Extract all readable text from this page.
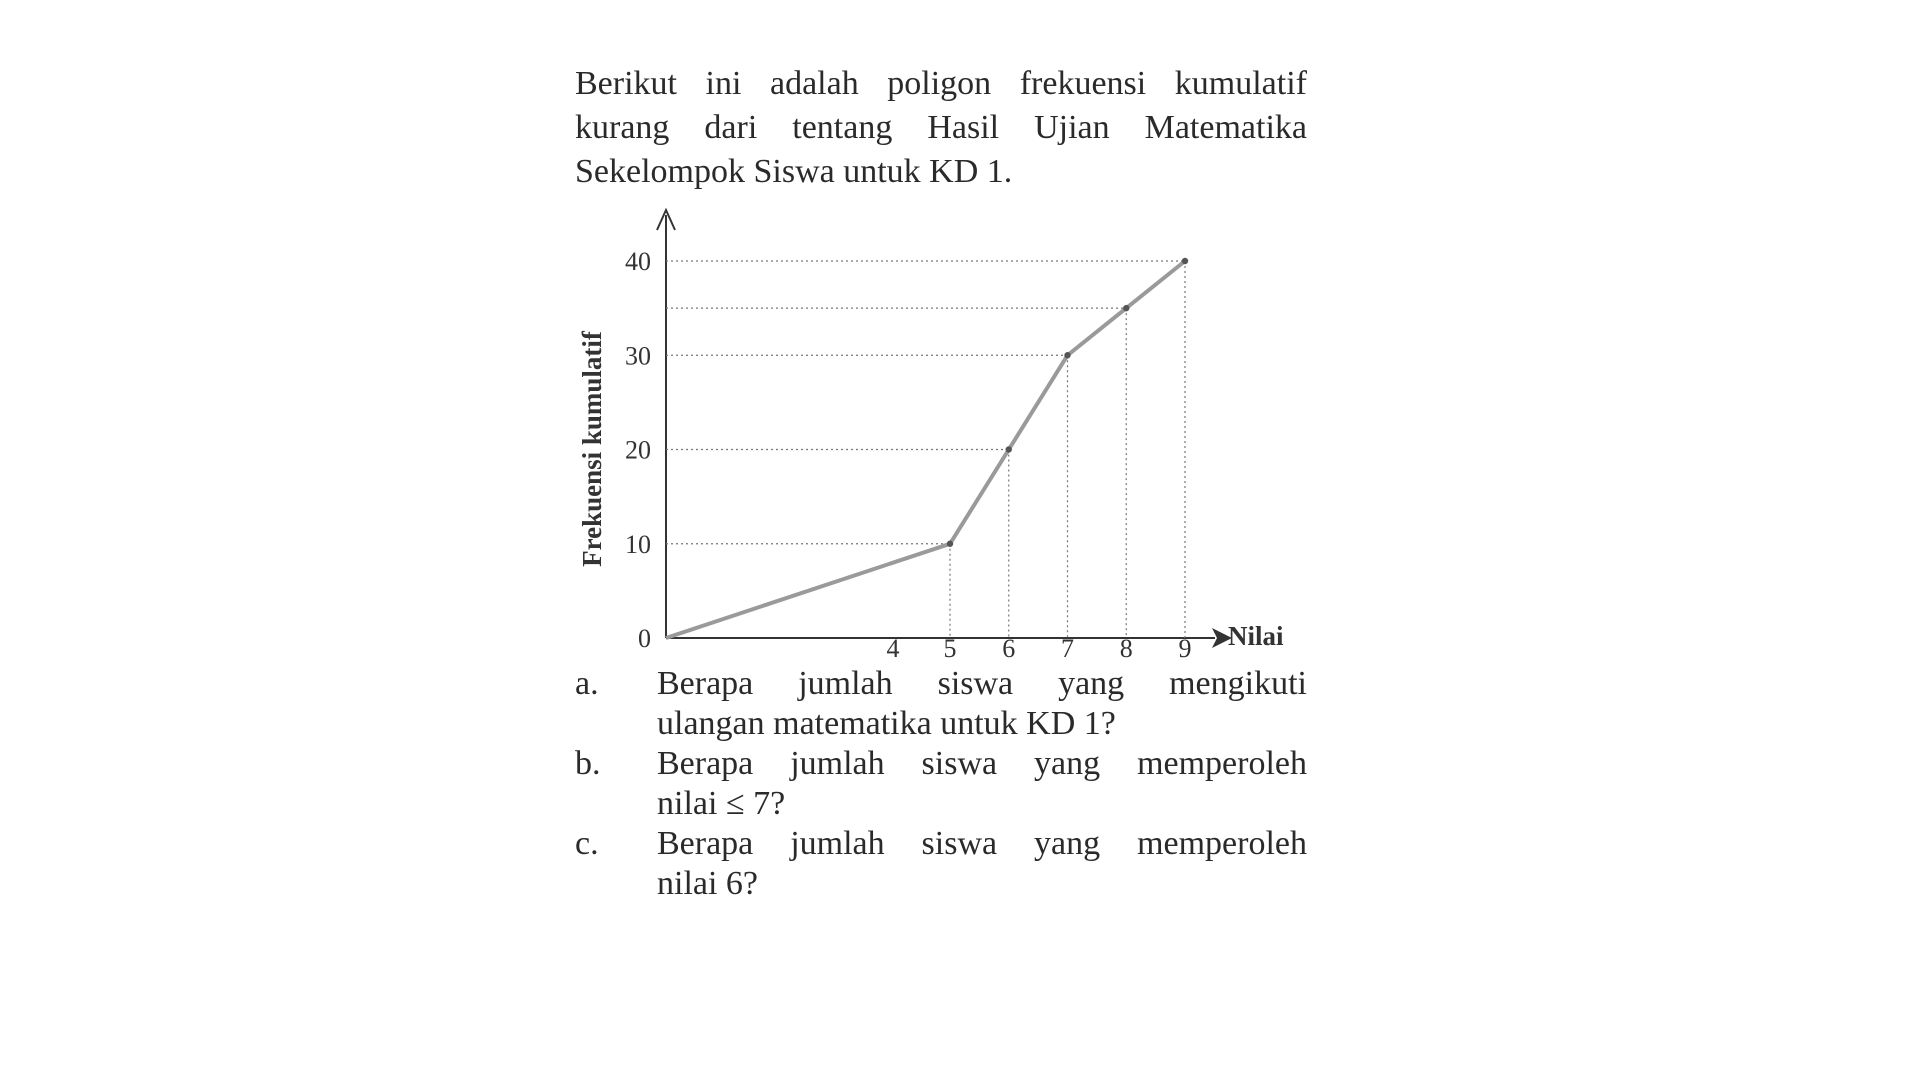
Berikut ini adalah poligon frekuensi kumulatif
kurang dari tentang Hasil Ujian Matematika
Sekelompok Siswa untuk KD 1.

0
10
20
30
40
4 5 6 7 8 9 Nilai
Frekuensi kumulatif
a. Berapa jumlah siswa yang mengikuti
ulangan matematika untuk KD 1?
b. Berapa jumlah siswa yang memperoleh
nilai ≤ 7?
c. Berapa jumlah siswa yang memperoleh
nilai 6?
